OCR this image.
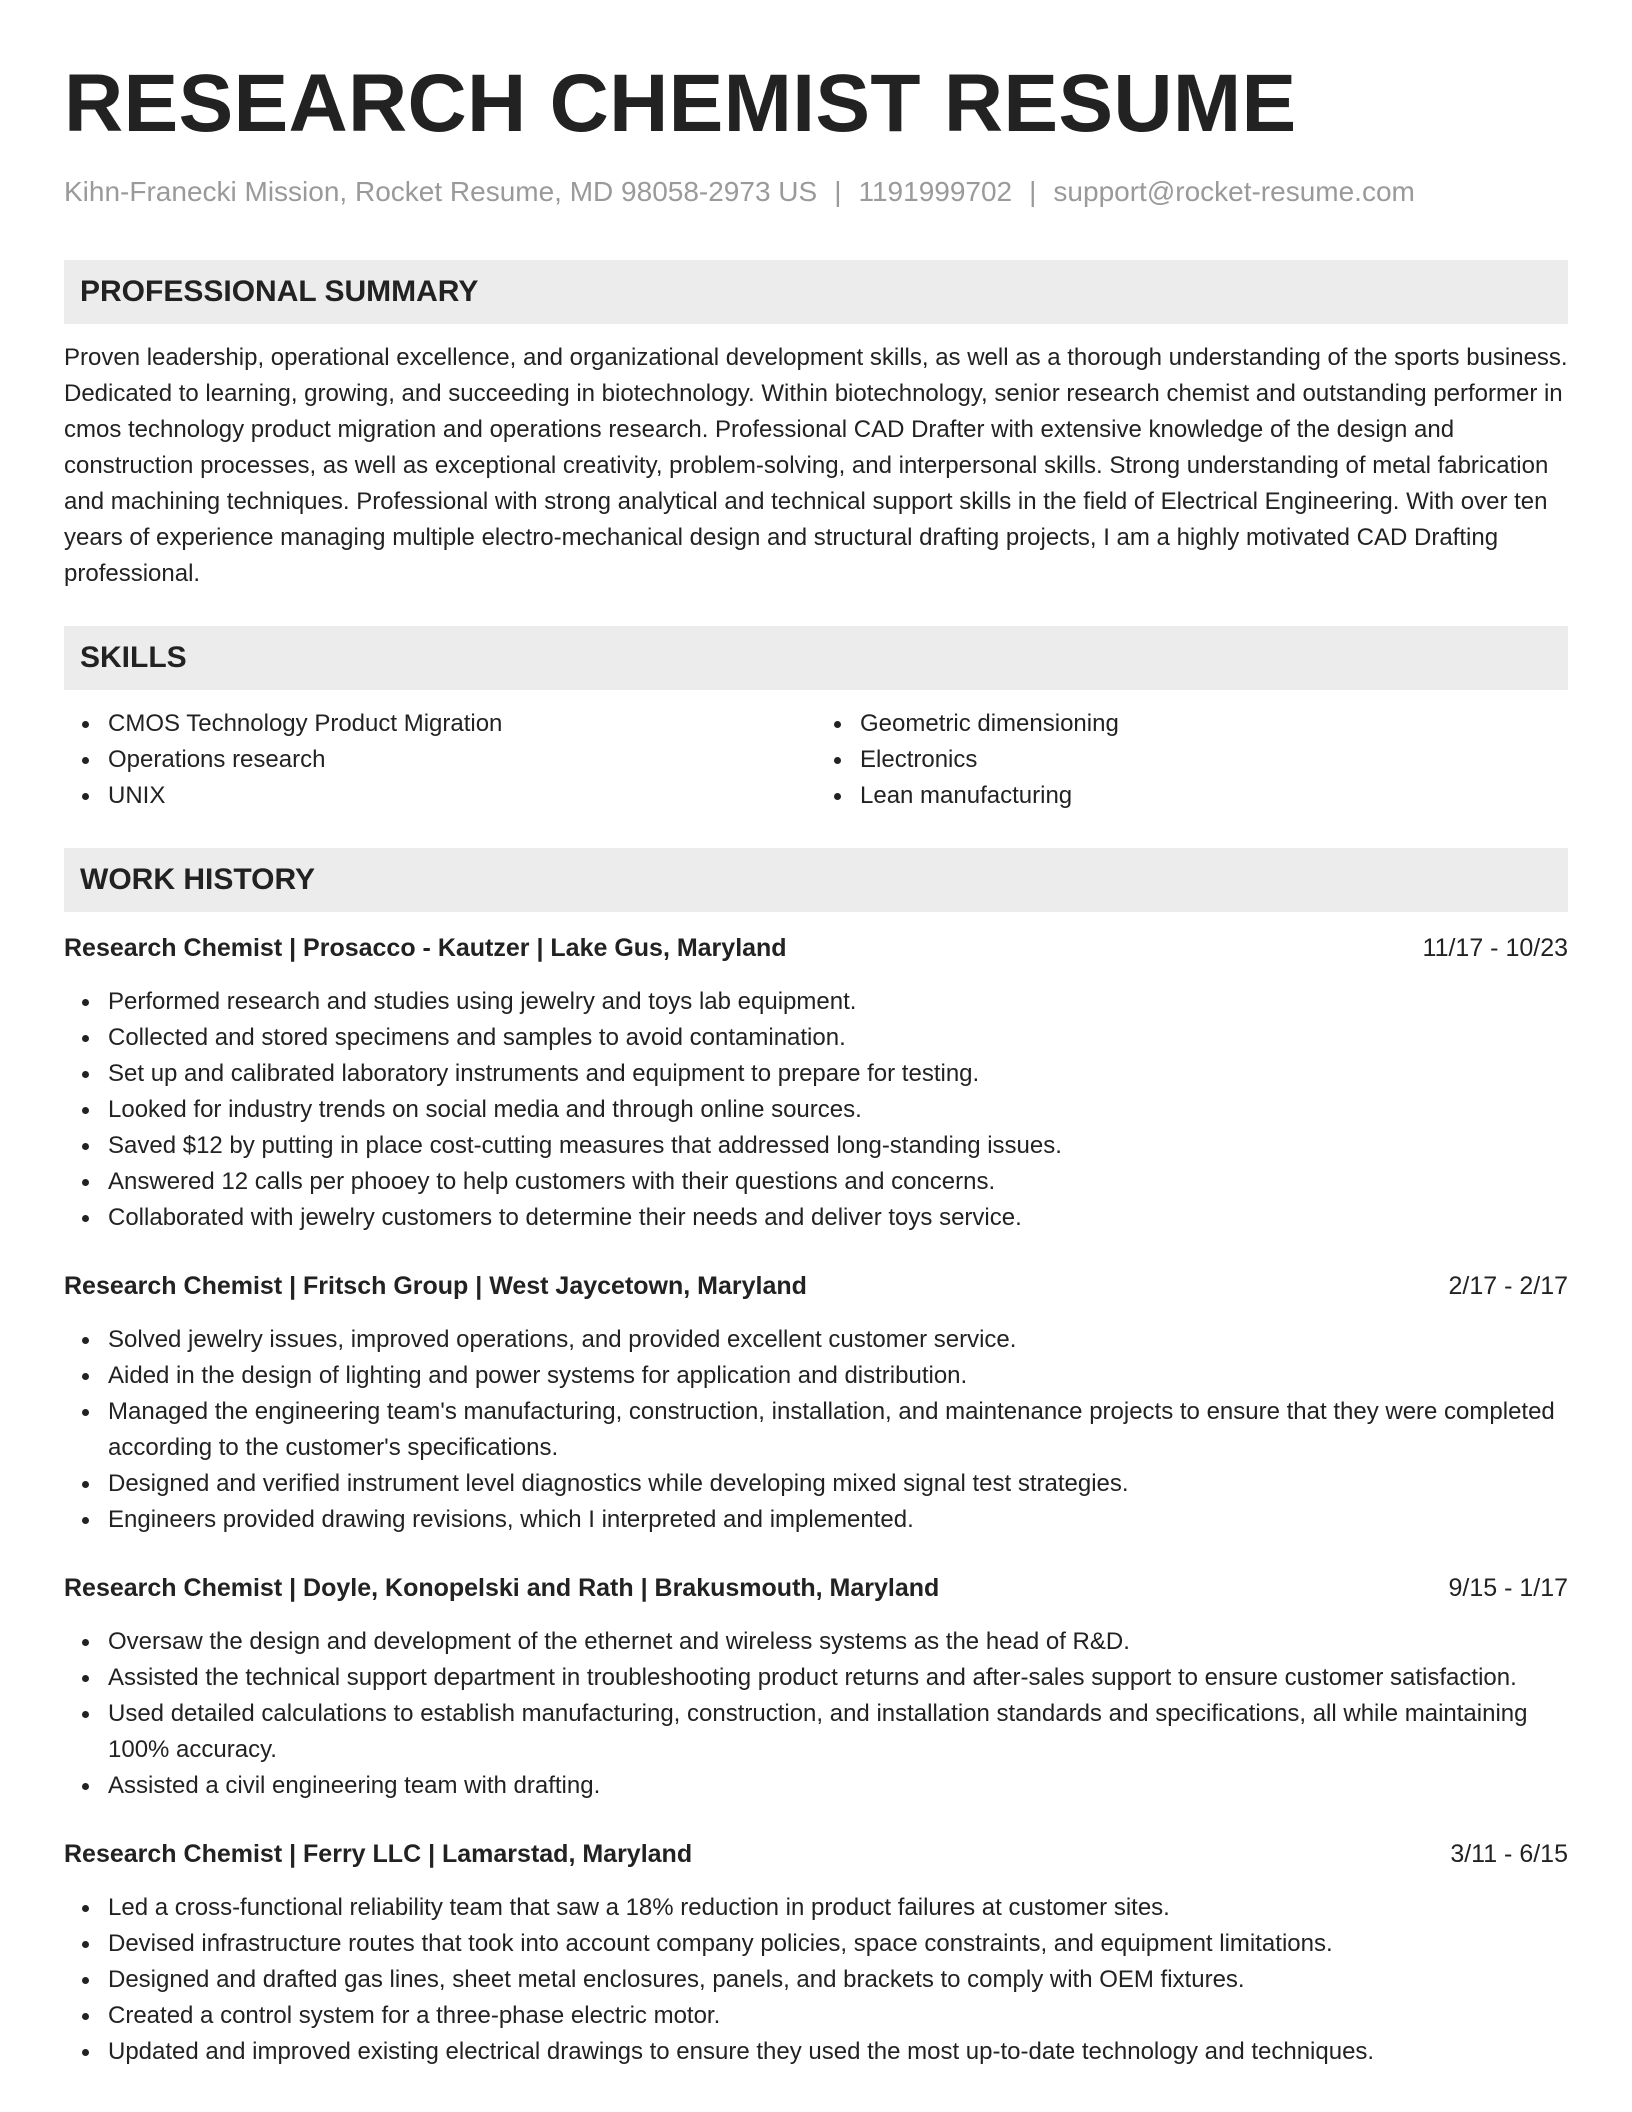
RESEARCH CHEMIST RESUME
Kihn-Franecki Mission, Rocket Resume, MD 98058-2973 US | 1191999702 | support@rocket-resume.com
PROFESSIONAL SUMMARY

Proven leadership, operational excellence, and organizational development skills, as well as a thorough understanding of the sports business. Dedicated to learning, growing, and succeeding in biotechnology. Within biotechnology, senior research chemist and outstanding performer in cmos technology product migration and operations research. Professional CAD Drafter with extensive knowledge of the design and construction processes, as well as exceptional creativity, problem-solving, and interpersonal skills. Strong understanding of metal fabrication and machining techniques. Professional with strong analytical and technical support skills in the field of Electrical Engineering. With over ten years of experience managing multiple electro-mechanical design and structural drafting projects, I am a highly motivated CAD Drafting professional.

SKILLS
CMOS Technology Product Migration
Operations research
UNIX
Geometric dimensioning
Electronics
Lean manufacturing
WORK HISTORY
Research Chemist | Prosacco - Kautzer | Lake Gus, Maryland	11/17 - 10/23
Performed research and studies using jewelry and toys lab equipment.
Collected and stored specimens and samples to avoid contamination.
Set up and calibrated laboratory instruments and equipment to prepare for testing.
Looked for industry trends on social media and through online sources.
Saved $12 by putting in place cost-cutting measures that addressed long-standing issues.
Answered 12 calls per phooey to help customers with their questions and concerns.
Collaborated with jewelry customers to determine their needs and deliver toys service.
Research Chemist | Fritsch Group | West Jaycetown, Maryland	2/17 - 2/17
Solved jewelry issues, improved operations, and provided excellent customer service.
Aided in the design of lighting and power systems for application and distribution.
Managed the engineering team's manufacturing, construction, installation, and maintenance projects to ensure that they were completed according to the customer's specifications.
Designed and verified instrument level diagnostics while developing mixed signal test strategies.
Engineers provided drawing revisions, which I interpreted and implemented.
Research Chemist | Doyle, Konopelski and Rath | Brakusmouth, Maryland	9/15 - 1/17
Oversaw the design and development of the ethernet and wireless systems as the head of R&D.
Assisted the technical support department in troubleshooting product returns and after-sales support to ensure customer satisfaction.
Used detailed calculations to establish manufacturing, construction, and installation standards and specifications, all while maintaining 100% accuracy.
Assisted a civil engineering team with drafting.
Research Chemist | Ferry LLC | Lamarstad, Maryland	3/11 - 6/15
Led a cross-functional reliability team that saw a 18% reduction in product failures at customer sites.
Devised infrastructure routes that took into account company policies, space constraints, and equipment limitations.
Designed and drafted gas lines, sheet metal enclosures, panels, and brackets to comply with OEM fixtures.
Created a control system for a three-phase electric motor.
Updated and improved existing electrical drawings to ensure they used the most up-to-date technology and techniques.
